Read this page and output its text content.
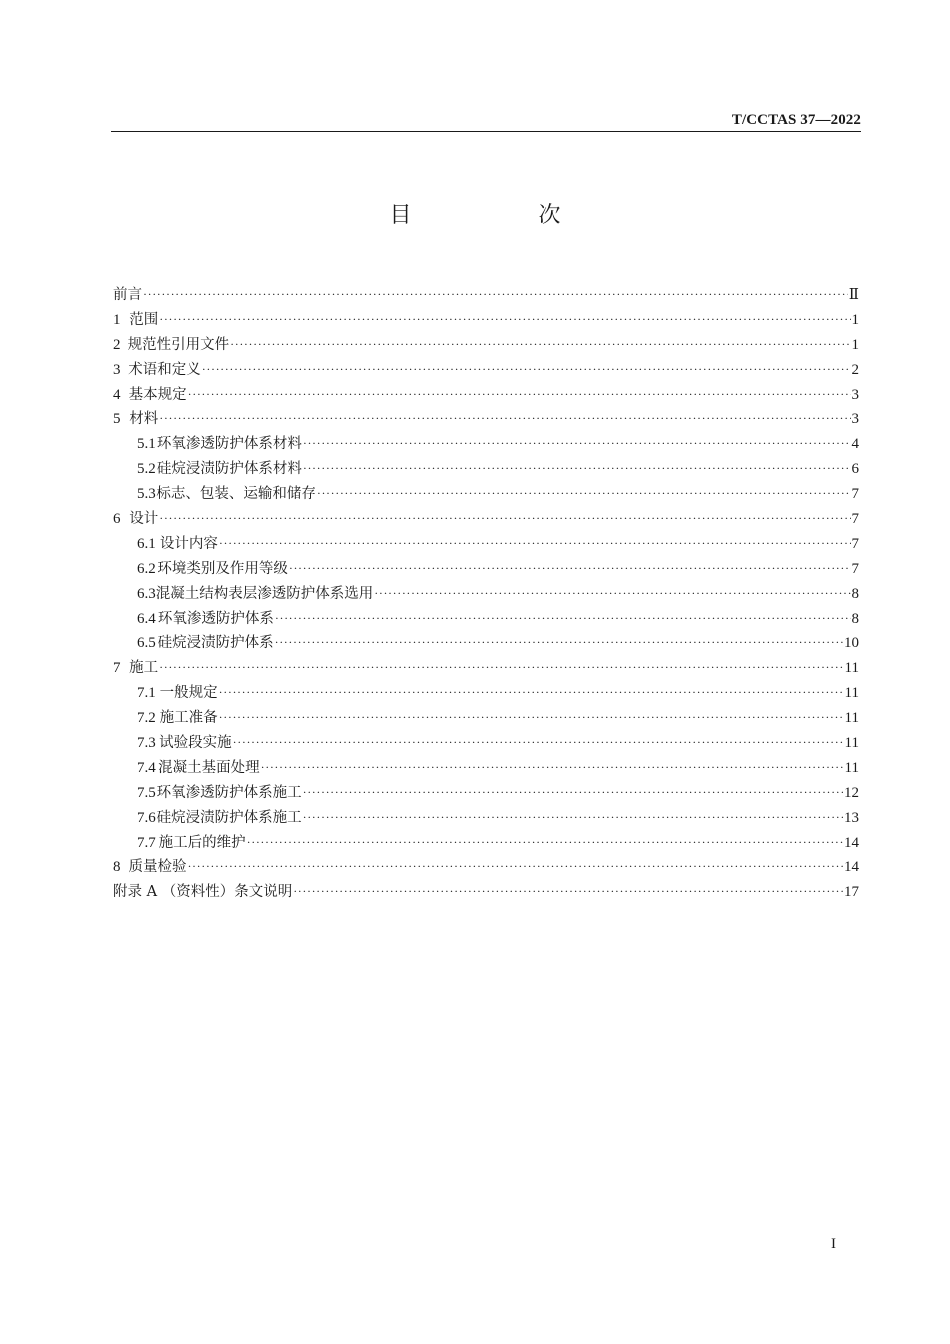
T/CCTAS 37—2022
目 次
前言 ·····	Ⅱ
1 范围 ·····	1
2 规范性引用文件 ·····	1
3 术语和定义 ·····	2
4 基本规定 ·····	3
5 材料 ·····	3
5.1 环氧渗透防护体系材料 ·····	4
5.2 硅烷浸渍防护体系材料 ·····	6
5.3 标志、包装、运输和储存 ·····	7
6 设计 ·····	7
6.1 设计内容 ·····	7
6.2 环境类别及作用等级 ·····	7
6.3 混凝土结构表层渗透防护体系选用 ·····	8
6.4 环氧渗透防护体系 ·····	8
6.5 硅烷浸渍防护体系 ·····	10
7 施工 ·····	11
7.1 一般规定 ·····	11
7.2 施工准备 ·····	11
7.3 试验段实施 ·····	11
7.4 混凝土基面处理 ·····	11
7.5 环氧渗透防护体系施工 ·····	12
7.6 硅烷浸渍防护体系施工 ·····	13
7.7 施工后的维护 ·····	14
8 质量检验 ·····	14
附录 A （资料性）条文说明 ·····	17
I
